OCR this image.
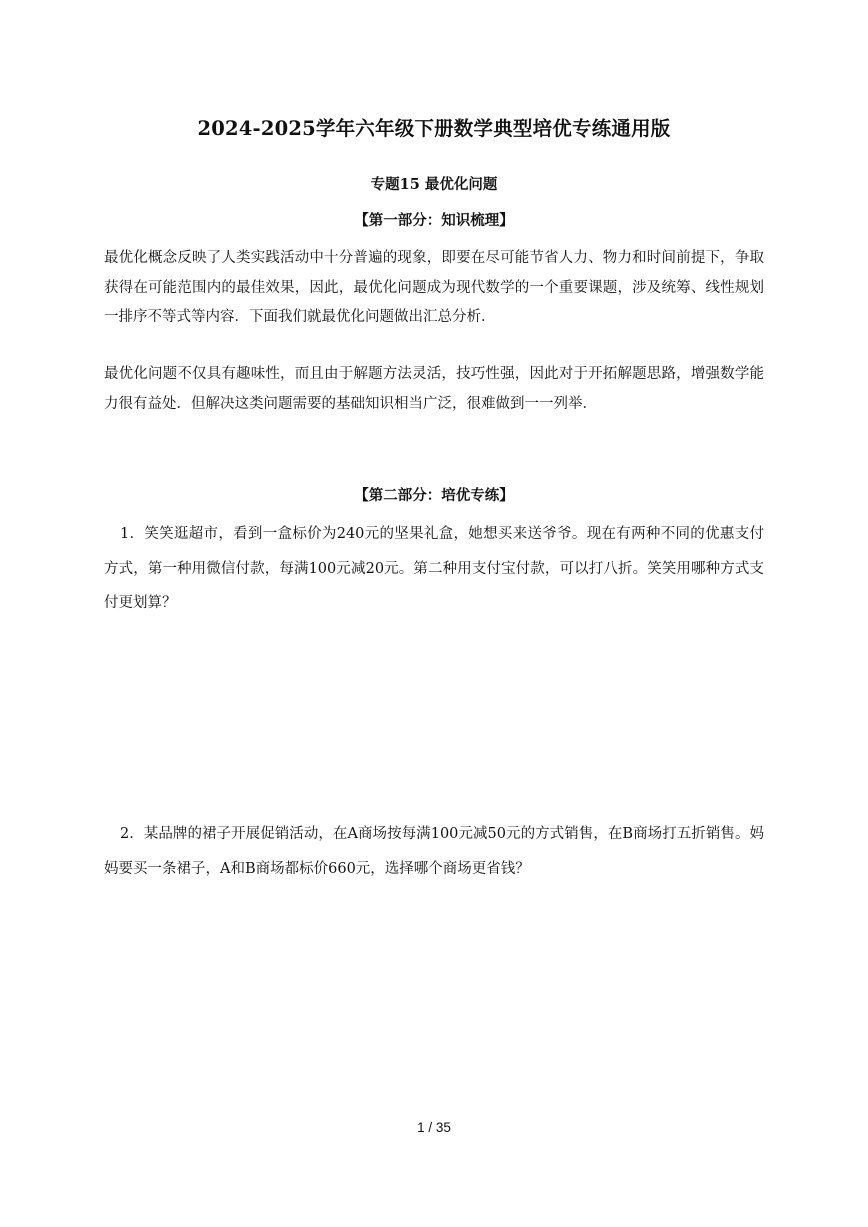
2024-2025学年六年级下册数学典型培优专练通用版
专题15 最优化问题
【第一部分：知识梳理】
最优化概念反映了人类实践活动中十分普遍的现象，即要在尽可能节省人力、物力和时间前提下，争取获得在可能范围内的最佳效果，因此，最优化问题成为现代数学的一个重要课题，涉及统筹、线性规划一排序不等式等内容．下面我们就最优化问题做出汇总分析．
最优化问题不仅具有趣味性，而且由于解题方法灵活，技巧性强，因此对于开拓解题思路，增强数学能力很有益处．但解决这类问题需要的基础知识相当广泛，很难做到一一列举．
【第二部分：培优专练】
1．笑笑逛超市，看到一盒标价为240元的坚果礼盒，她想买来送爷爷。现在有两种不同的优惠支付方式，第一种用微信付款，每满100元减20元。第二种用支付宝付款，可以打八折。笑笑用哪种方式支付更划算？
2．某品牌的裙子开展促销活动，在A商场按每满100元减50元的方式销售，在B商场打五折销售。妈妈要买一条裙子，A和B商场都标价660元，选择哪个商场更省钱？
1 / 35
